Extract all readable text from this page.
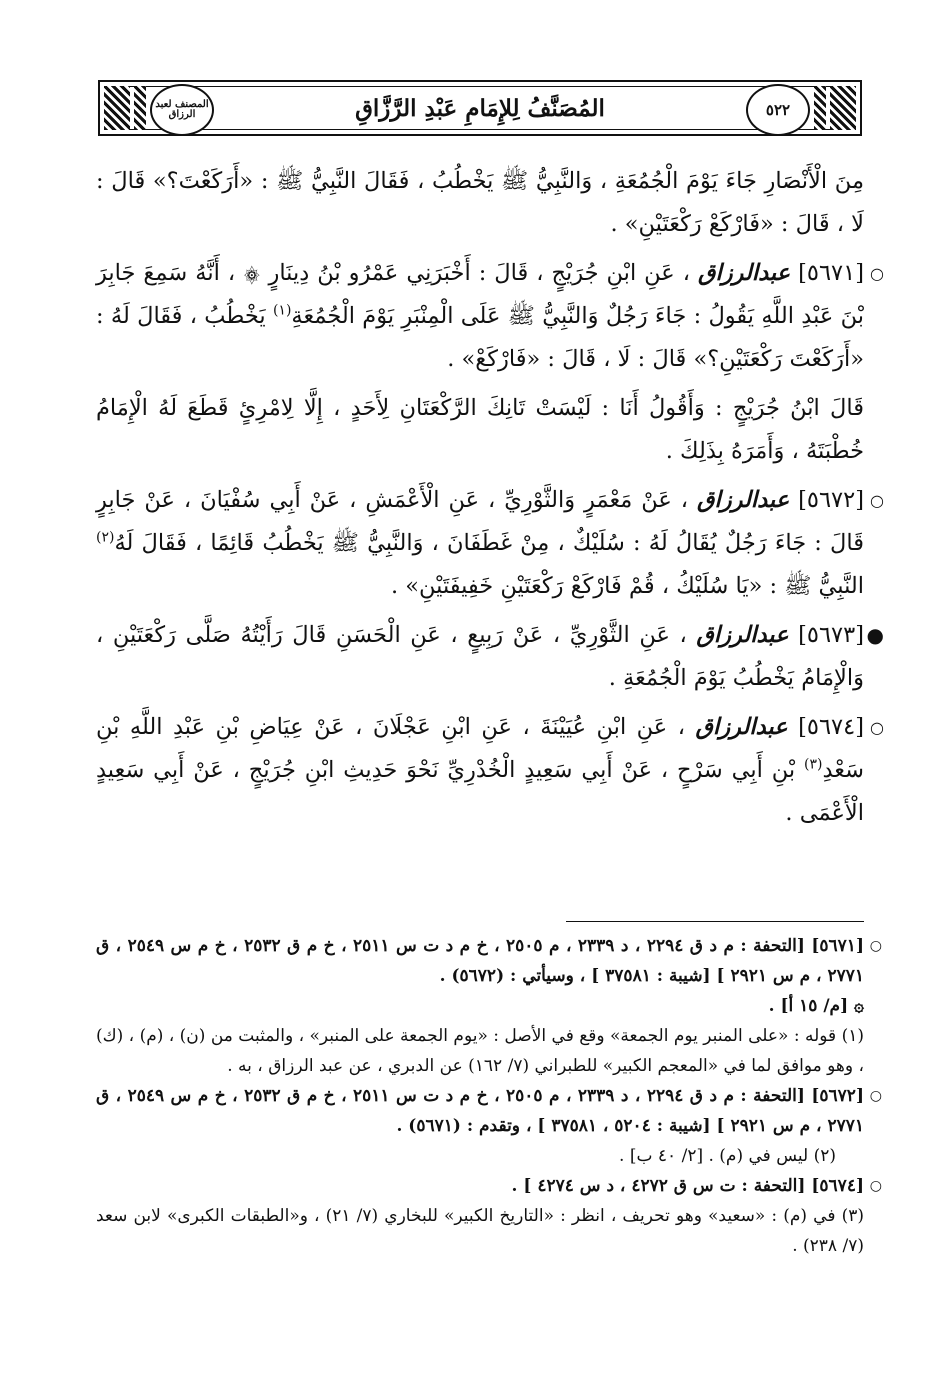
٥٢٢
المصنف لعبد الرزاق	المُصَنَّفُ لِلإِمَامِ عَبْدِ الرَّزَّاقِ

مِنَ الْأَنْصَارِ جَاءَ يَوْمَ الْجُمُعَةِ ، وَالنَّبِيُّ ﷺ يَخْطُبُ ، فَقَالَ النَّبِيُّ ﷺ : «أَرَكَعْتَ؟» قَالَ : لَا ، قَالَ : «فَارْكَعْ رَكْعَتَيْنِ» .

○
[٥٦٧١] عبدالرزاق ، عَنِ ابْنِ جُرَيْجٍ ، قَالَ : أَخْبَرَنِي عَمْرُو بْنُ دِينَارٍ ۞ ، أَنَّهُ سَمِعَ جَابِرَ بْنَ عَبْدِ اللَّهِ يَقُولُ : جَاءَ رَجُلٌ وَالنَّبِيُّ ﷺ عَلَى الْمِنْبَرِ يَوْمَ الْجُمُعَةِ$^{(١)}$ يَخْطُبُ ، فَقَالَ لَهُ : «أَرَكَعْتَ رَكْعَتَيْنِ؟» قَالَ : لَا ، قَالَ : «فَارْكَعْ» .

قَالَ ابْنُ جُرَيْجٍ : وَأَقُولُ أَنَا : لَيْسَتْ تَانِكَ الرَّكْعَتَانِ لِأَحَدٍ ، إِلَّا لِامْرِئٍ قَطَعَ لَهُ الْإِمَامُ خُطْبَتَهُ ، وَأَمَرَهُ بِذَلِكَ .

○
[٥٦٧٢] عبدالرزاق ، عَنْ مَعْمَرٍ وَالثَّوْرِيِّ ، عَنِ الْأَعْمَشِ ، عَنْ أَبِي سُفْيَانَ ، عَنْ جَابِرٍ قَالَ : جَاءَ رَجُلٌ يُقَالُ لَهُ : سُلَيْكٌ ، مِنْ غَطَفَانَ ، وَالنَّبِيُّ ﷺ يَخْطُبُ قَائِمًا ، فَقَالَ لَهُ$^{(٢)}$ النَّبِيُّ ﷺ : «يَا سُلَيْكُ ، قُمْ فَارْكَعْ رَكْعَتَيْنِ خَفِيفَتَيْنِ» .

●
[٥٦٧٣] عبدالرزاق ، عَنِ الثَّوْرِيِّ ، عَنْ رَبِيعٍ ، عَنِ الْحَسَنِ قَالَ رَأَيْتُهُ صَلَّى رَكْعَتَيْنِ ، وَالْإِمَامُ يَخْطُبُ يَوْمَ الْجُمُعَةِ .

○
[٥٦٧٤] عبدالرزاق ، عَنِ ابْنِ عُيَيْنَةَ ، عَنِ ابْنِ عَجْلَانَ ، عَنْ عِيَاضِ بْنِ عَبْدِ اللَّهِ بْنِ سَعْدِ$^{(٣)}$ بْنِ أَبِي سَرْحٍ ، عَنْ أَبِي سَعِيدٍ الْخُدْرِيِّ نَحْوَ حَدِيثِ ابْنِ جُرَيْجٍ ، عَنْ أَبِي سَعِيدٍ الْأَعْمَى .

○
[٥٦٧١] [التحفة : م د ق ٢٢٩٤ ، د ٢٣٣٩ ، م ٢٥٠٥ ، خ م د ت س ٢٥١١ ، خ م ق ٢٥٣٢ ، خ م س ٢٥٤٩ ، ق ٢٧٧١ ، م س ٢٩٢١ ] [شيبة : ٣٧٥٨١ ] ، وسيأتي : (٥٦٧٢) .

۞ [م/ ١٥ أ] .

(١) قوله : «على المنبر يوم الجمعة» وقع في الأصل : «يوم الجمعة على المنبر» ، والمثبت من (ن) ، (م) ، (ك) ، وهو موافق لما في «المعجم الكبير» للطبراني (٧/ ١٦٢) عن الدبري ، عن عبد الرزاق ، به .

○
[٥٦٧٢] [التحفة : م د ق ٢٢٩٤ ، د ٢٣٣٩ ، م ٢٥٠٥ ، خ م د ت س ٢٥١١ ، خ م ق ٢٥٣٢ ، خ م س ٢٥٤٩ ، ق ٢٧٧١ ، م س ٢٩٢١ ] [شيبة : ٥٢٠٤ ، ٣٧٥٨١ ] ، وتقدم : (٥٦٧١) .

(٢) ليس في (م) . [٢/ ٤٠ ب] .

○
[٥٦٧٤] [التحفة : ت س ق ٤٢٧٢ ، د س ٤٢٧٤ ] .

(٣) في (م) : «سعيد» وهو تحريف ، انظر : «التاريخ الكبير» للبخاري (٧/ ٢١) ، و«الطبقات الكبرى» لابن سعد (٧/ ٢٣٨) .
